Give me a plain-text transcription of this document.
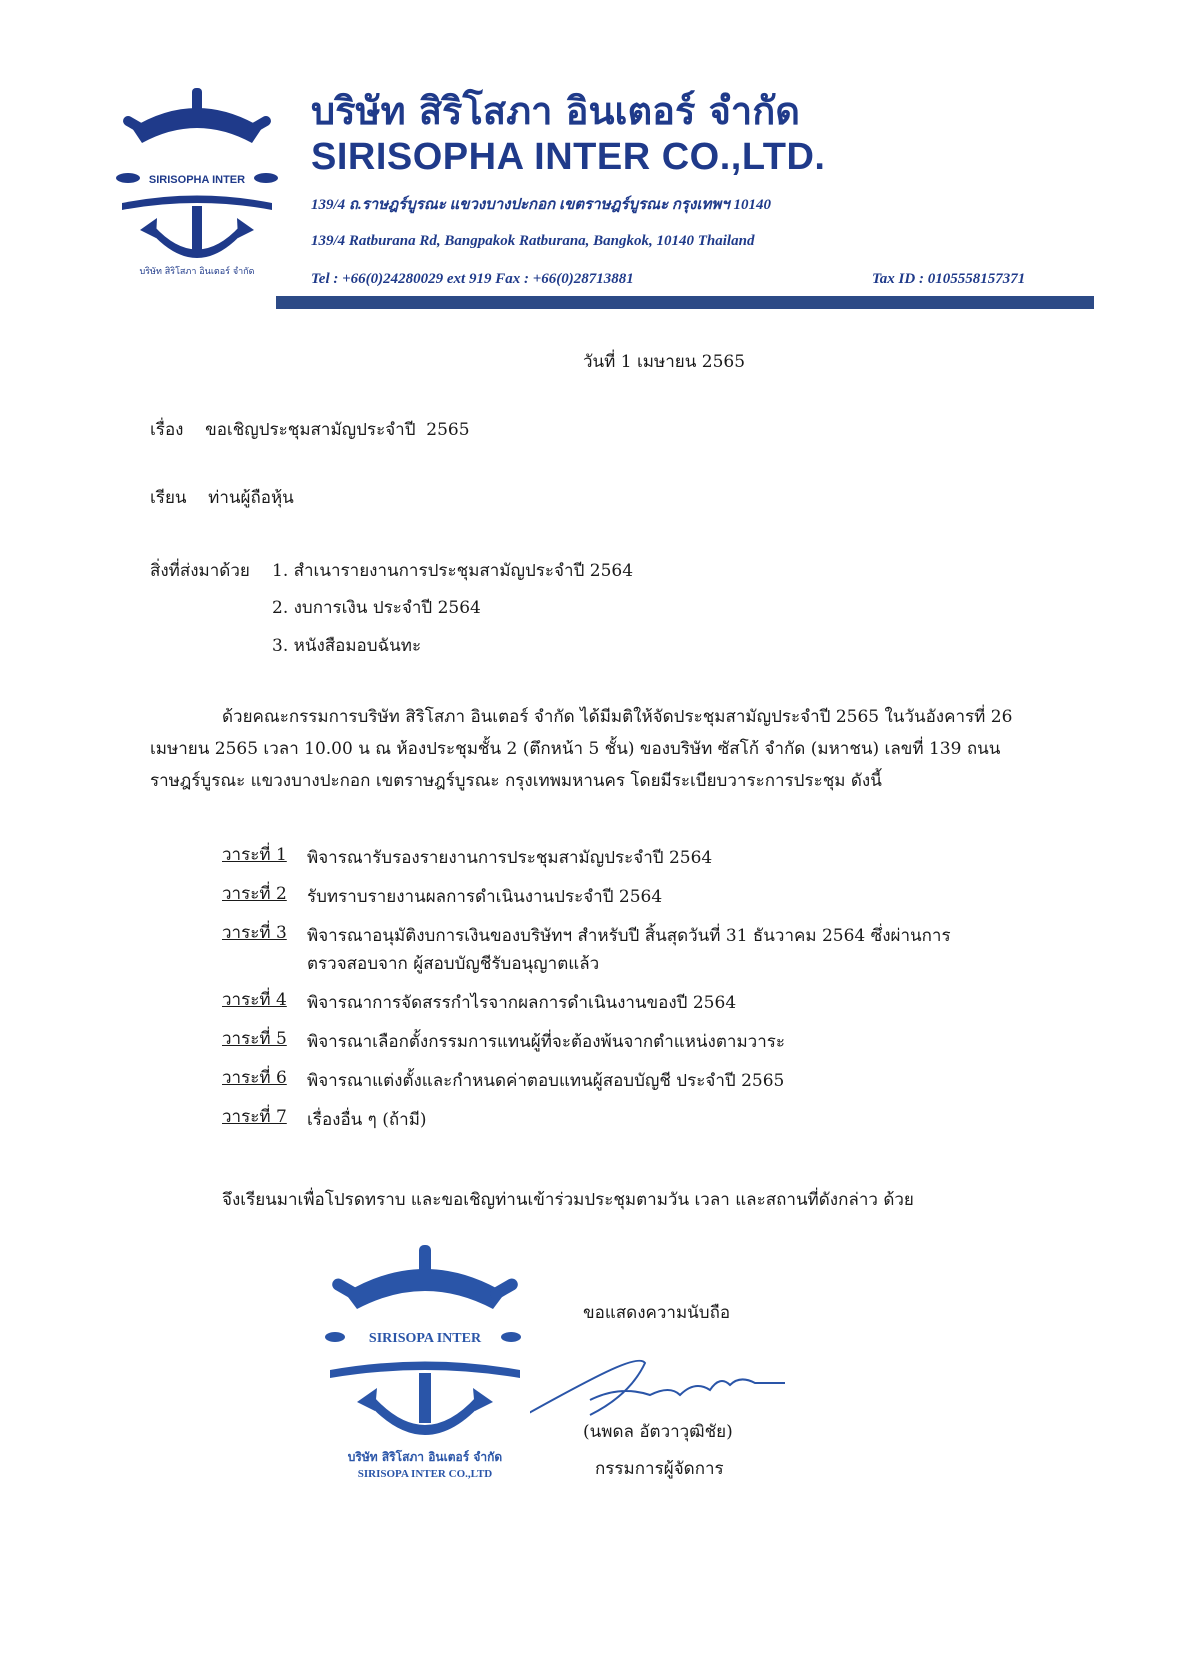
SIRISOPHA INTER
บริษัท สิริโสภา อินเตอร์ จำกัด
บริษัท สิริโสภา อินเตอร์ จำกัด
SIRISOPHA INTER CO.,LTD.
139/4 ถ.ราษฎร์บูรณะ แขวงบางปะกอก เขตราษฎร์บูรณะ กรุงเทพฯ 10140
139/4 Ratburana Rd, Bangpakok Ratburana, Bangkok, 10140 Thailand
Tel : +66(0)24280029 ext 919 Fax : +66(0)28713881	Tax ID : 0105558157371
วันที่ 1 เมษายน 2565
เรื่อง    ขอเชิญประชุมสามัญประจำปี  2565
เรียน    ท่านผู้ถือหุ้น
สิ่งที่ส่งมาด้วย 1. สำเนารายงานการประชุมสามัญประจำปี 2564
2. งบการเงิน ประจำปี 2564
3. หนังสือมอบฉันทะ

ด้วยคณะกรรมการบริษัท สิริโสภา อินเตอร์ จำกัด ได้มีมติให้จัดประชุมสามัญประจำปี 2565 ในวันอังคารที่ 26

เมษายน 2565 เวลา 10.00 น ณ ห้องประชุมชั้น 2 (ตึกหน้า 5 ชั้น) ของบริษัท ซัสโก้ จำกัด (มหาชน) เลขที่ 139 ถนน

ราษฎร์บูรณะ แขวงบางปะกอก เขตราษฎร์บูรณะ กรุงเทพมหานคร โดยมีระเบียบวาระการประชุม ดังนี้

วาระที่ 1	พิจารณารับรองรายงานการประชุมสามัญประจำปี 2564
วาระที่ 2	รับทราบรายงานผลการดำเนินงานประจำปี 2564
วาระที่ 3	พิจารณาอนุมัติงบการเงินของบริษัทฯ สำหรับปี สิ้นสุดวันที่ 31 ธันวาคม 2564 ซึ่งผ่านการ
ตรวจสอบจาก ผู้สอบบัญชีรับอนุญาตแล้ว
วาระที่ 4	พิจารณาการจัดสรรกำไรจากผลการดำเนินงานของปี 2564
วาระที่ 5	พิจารณาเลือกตั้งกรรมการแทนผู้ที่จะต้องพ้นจากตำแหน่งตามวาระ
วาระที่ 6	พิจารณาแต่งตั้งและกำหนดค่าตอบแทนผู้สอบบัญชี ประจำปี 2565
วาระที่ 7	เรื่องอื่น ๆ (ถ้ามี)
จึงเรียนมาเพื่อโปรดทราบ และขอเชิญท่านเข้าร่วมประชุมตามวัน เวลา และสถานที่ดังกล่าว ด้วย
SIRISOPA INTER
บริษัท สิริโสภา อินเตอร์ จำกัด
SIRISOPA INTER CO.,LTD
ขอแสดงความนับถือ
(นพดล อัตวาวุฒิชัย)
กรรมการผู้จัดการ
